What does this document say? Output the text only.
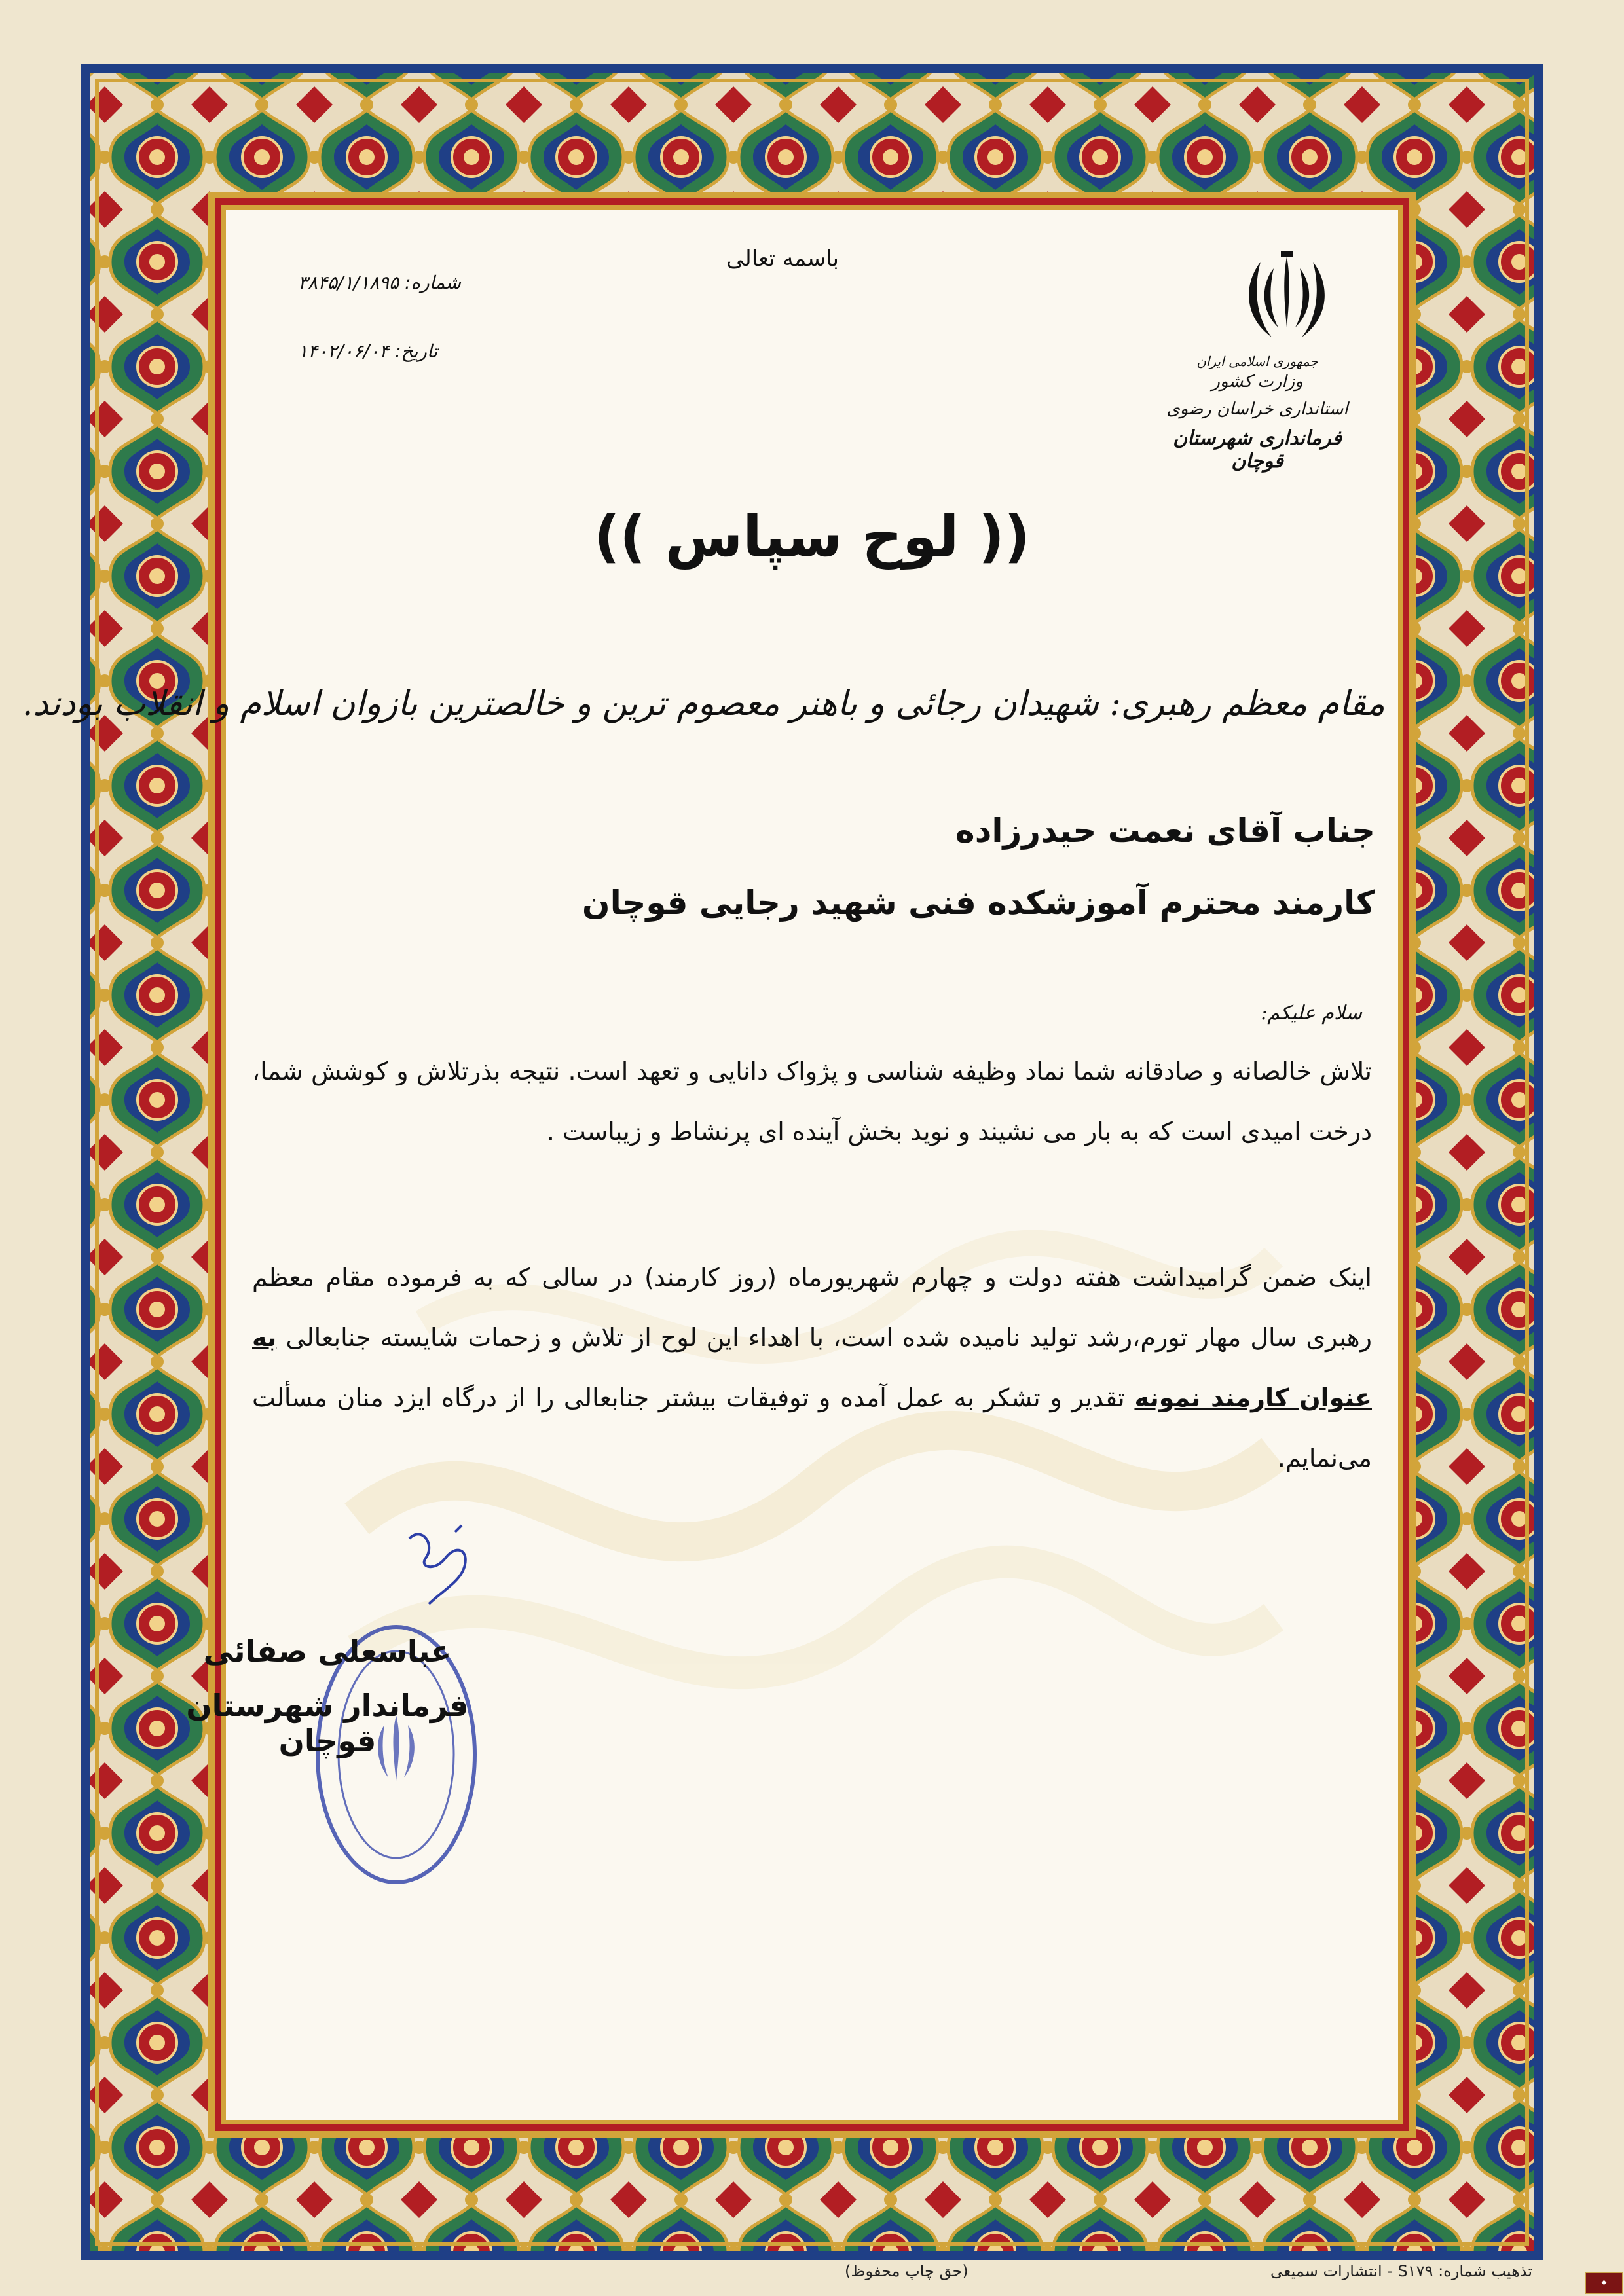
باسمه تعالی
شماره: ۳۸۴۵/۱/۱۸۹۵
تاریخ: ۱۴۰۲/۰۶/۰۴	جمهوری اسلامی ایران
وزارت کشور
استانداری خراسان رضوی
فرمانداری شهرستان قوچان
(( لوح سپاس ))
مقام معظم رهبری: شهیدان رجائی و باهنر معصوم ترین و خالصترین بازوان اسلام و انقلاب بودند.
جناب آقای نعمت حیدرزاده
کارمند محترم آموزشکده فنی شهید رجایی قوچان
سلام علیکم:
تلاش خالصانه و صادقانه شما نماد وظیفه شناسی و پژواک دانایی و تعهد است. نتیجه بذرتلاش و کوشش شما، درخت امیدی است که به بار می نشیند و نوید بخش آینده ای پرنشاط و زیباست .
اینک ضمن گرامیداشت هفته دولت و چهارم شهریورماه (روز کارمند) در سالی که به فرموده مقام معظم رهبری سال مهار تورم،رشد تولید نامیده شده است، با اهداء این لوح از تلاش و زحمات شایسته جنابعالی به عنوان کارمند نمونه تقدیر و تشکر به عمل آمده و توفیقات بیشتر جنابعالی را از درگاه ایزد منان مسألت می‌نمایم.
عباسعلی صفائی
فرماندار شهرستان قوچان
(حق چاپ محفوظ)	تذهیب شماره: S۱۷۹ - انتشارات سمیعی
◆
